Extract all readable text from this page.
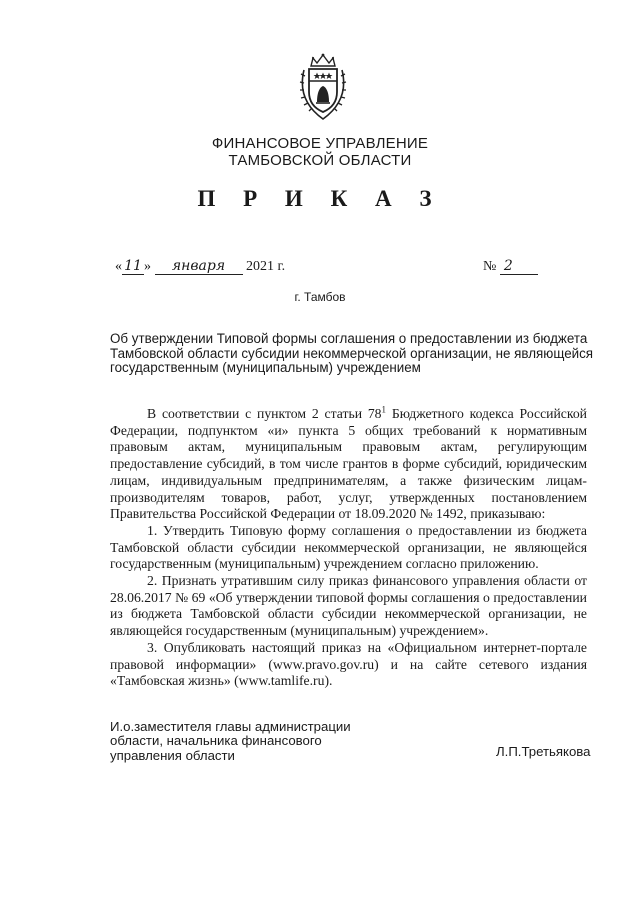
ФИНАНСОВОЕ УПРАВЛЕНИЕ
ТАМБОВСКОЙ ОБЛАСТИ
П Р И К А З
« 11 » января 2021 г.	№ 2
г. Тамбов
Об утверждении Типовой формы соглашения о предоставлении из бюджета
Тамбовской области субсидии некоммерческой организации, не являющейся
государственным (муниципальным) учреждением

В соответствии с пунктом 2 статьи $78^1$ Бюджетного кодекса Российской Федерации, подпунктом «и» пункта 5 общих требований к нормативным правовым актам, муниципальным правовым актам, регулирующим предоставление субсидий, в том числе грантов в форме субсидий, юридическим лицам, индивидуальным предпринимателям, а также физическим лицам-производителям товаров, работ, услуг, утвержденных постановлением Правительства Российской Федерации от 18.09.2020 № 1492, приказываю:

1. Утвердить Типовую форму соглашения о предоставлении из бюджета Тамбовской области субсидии некоммерческой организации, не являющейся государственным (муниципальным) учреждением согласно приложению.

2. Признать утратившим силу приказ финансового управления области от 28.06.2017 № 69 «Об утверждении типовой формы соглашения о предоставлении из бюджета Тамбовской области субсидии некоммерческой организации, не являющейся государственным (муниципальным) учреждением».

3. Опубликовать настоящий приказ на «Официальном интернет-портале правовой информации» (www.pravo.gov.ru) и на сайте сетевого издания «Тамбовская жизнь» (www.tamlife.ru).

И.о.заместителя главы администрации
области, начальника финансового
управления области	Л.П.Третьякова
